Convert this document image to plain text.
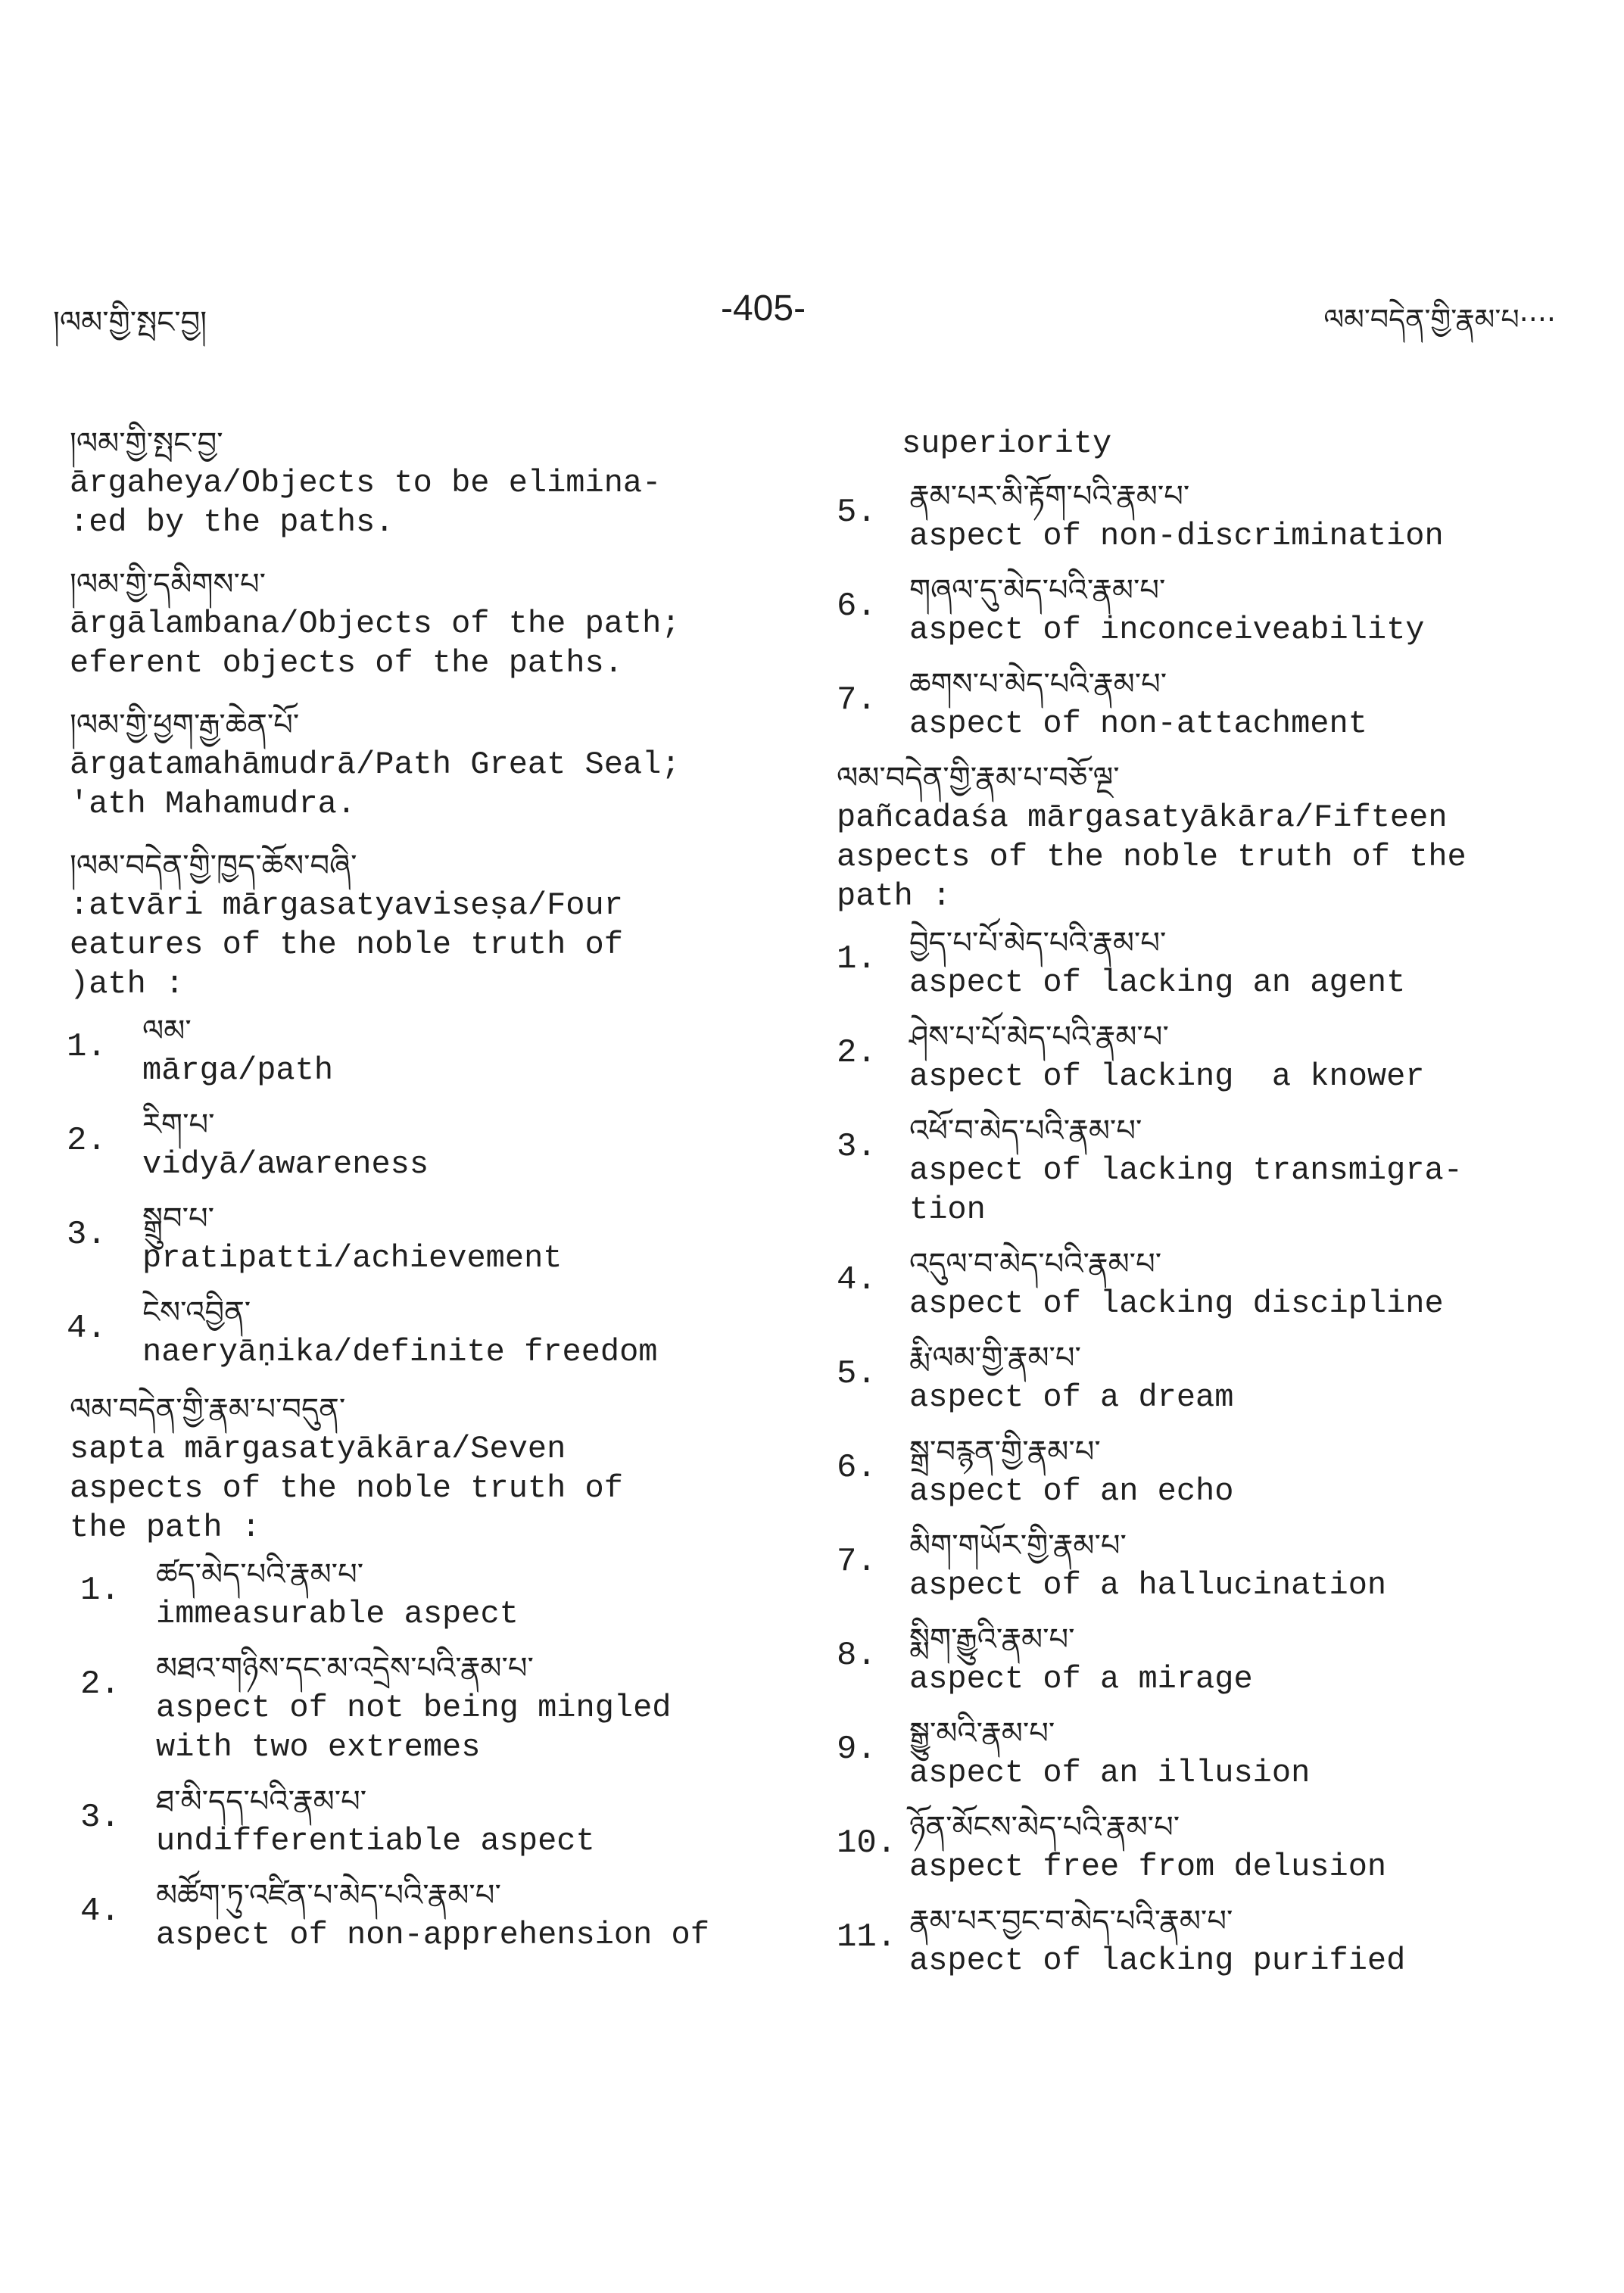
།ལམ་གྱི་སྤང་བྱ།	-405-	ལམ་བདེན་གྱི་རྣམ་པ····
།ལམ་གྱི་སྤང་བྱ་
ārgaheya/Objects to be elimina-
:ed by the paths.
།ལམ་གྱི་དམིགས་པ་
ārgālambana/Objects of the path;
eferent objects of the paths.
།ལམ་གྱི་ཕྱག་རྒྱ་ཆེན་པོ་
ārgatamahāmudrā/Path Great Seal;
'ath Mahamudra.
།ལམ་བདེན་གྱི་ཁྱད་ཆོས་བཞི་
:atvāri mārgasatyaviseṣa/Four
eatures of the noble truth of
)ath :
1. ལམ་
mārga/path
2. རིག་པ་
vidyā/awareness
3. སྒྲུབ་པ་
pratipatti/achievement
4. ངེས་འབྱིན་
naeryāṇika/definite freedom
ལམ་བདེན་གྱི་རྣམ་པ་བདུན་
sapta mārgasatyākāra/Seven
aspects of the noble truth of
the path :
1. ཚད་མེད་པའི་རྣམ་པ་
immeasurable aspect
2. མཐའ་གཉིས་དང་མ་འདྲེས་པའི་རྣམ་པ་
aspect of not being mingled
with two extremes
3. ཐ་མི་དད་པའི་རྣམ་པ་
undifferentiable aspect
4. མཚོག་ཏུ་འཛིན་པ་མེད་པའི་རྣམ་པ་
aspect of non-apprehension of
superiority
5. རྣམ་པར་མི་རྟོག་པའི་རྣམ་པ་
aspect of non-discrimination
6. གཞལ་དུ་མེད་པའི་རྣམ་པ་
aspect of inconceiveability
7. ཆགས་པ་མེད་པའི་རྣམ་པ་
aspect of non-attachment
ལམ་བདེན་གྱི་རྣམ་པ་བཅོ་ལྔ་
pañcadaśa mārgasatyākāra/Fifteen
aspects of the noble truth of the
path :
1. བྱེད་པ་པོ་མེད་པའི་རྣམ་པ་
aspect of lacking an agent
2. ཤེས་པ་པོ་མེད་པའི་རྣམ་པ་
aspect of lacking  a knower
3. འཕོ་བ་མེད་པའི་རྣམ་པ་
aspect of lacking transmigra-
tion
4. འདུལ་བ་མེད་པའི་རྣམ་པ་
aspect of lacking discipline
5. རྨི་ལམ་གྱི་རྣམ་པ་
aspect of a dream
6. སྒྲ་བརྙན་གྱི་རྣམ་པ་
aspect of an echo
7. མིག་གཡོར་གྱི་རྣམ་པ་
aspect of a hallucination
8. སྨིག་རྒྱུའི་རྣམ་པ་
aspect of a mirage
9. སྒྱུ་མའི་རྣམ་པ་
aspect of an illusion
10. ཉོན་མོངས་མེད་པའི་རྣམ་པ་
aspect free from delusion
11. རྣམ་པར་བྱང་བ་མེད་པའི་རྣམ་པ་
aspect of lacking purified
